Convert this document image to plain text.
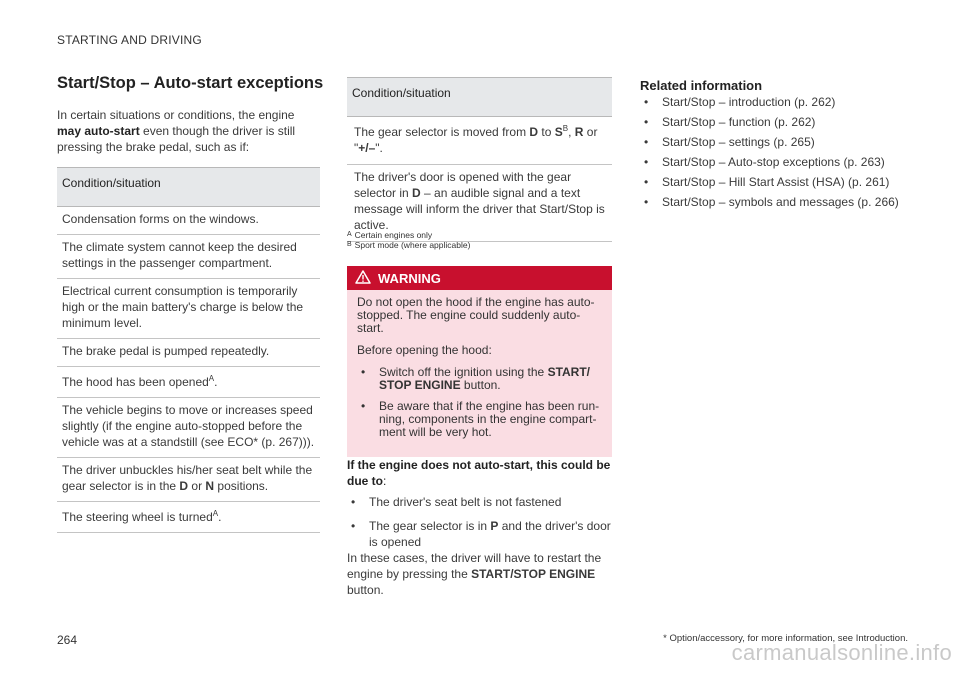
STARTING AND DRIVING
Start/Stop – Auto-start exceptions

In certain situations or conditions, the engine may auto-start even though the driver is still pressing the brake pedal, such as if:

Condition/situation
Condensation forms on the windows.
The climate system cannot keep the desired settings in the passenger compartment.
Electrical current consumption is temporarily high or the main battery's charge is below the minimum level.
The brake pedal is pumped repeatedly.
The hood has been opened$^A$.
The vehicle begins to move or increases speed slightly (if the engine auto-stopped before the vehicle was at a standstill (see ECO* (p. 267))).
The driver unbuckles his/her seat belt while the gear selector is in the D or N positions.
The steering wheel is turned$^A$.
Condition/situation
The gear selector is moved from D to $S^B$, R or "+/–".
The driver's door is opened with the gear selector in D – an audible signal and a text message will inform the driver that Start/Stop is active.
$^A$ Certain engines only
$^B$ Sport mode (where applicable)
WARNING

Do not open the hood if the engine has auto-stopped. The engine could suddenly auto-start.

Before opening the hood:

• Switch off the ignition using the START/ STOP ENGINE button.
• Be aware that if the engine has been run-ning, components in the engine compart-ment will be very hot.

If the engine does not auto-start, this could be due to:

• The driver's seat belt is not fastened
• The gear selector is in P and the driver's door is opened

In these cases, the driver will have to restart the engine by pressing the START/STOP ENGINE button.

Related information
• Start/Stop – introduction (p. 262)
• Start/Stop – function (p. 262)
• Start/Stop – settings (p. 265)
• Start/Stop – Auto-stop exceptions (p. 263)
• Start/Stop – Hill Start Assist (HSA) (p. 261)
• Start/Stop – symbols and messages (p. 266)
264	* Option/accessory, for more information, see Introduction.
carmanualsonline.info
